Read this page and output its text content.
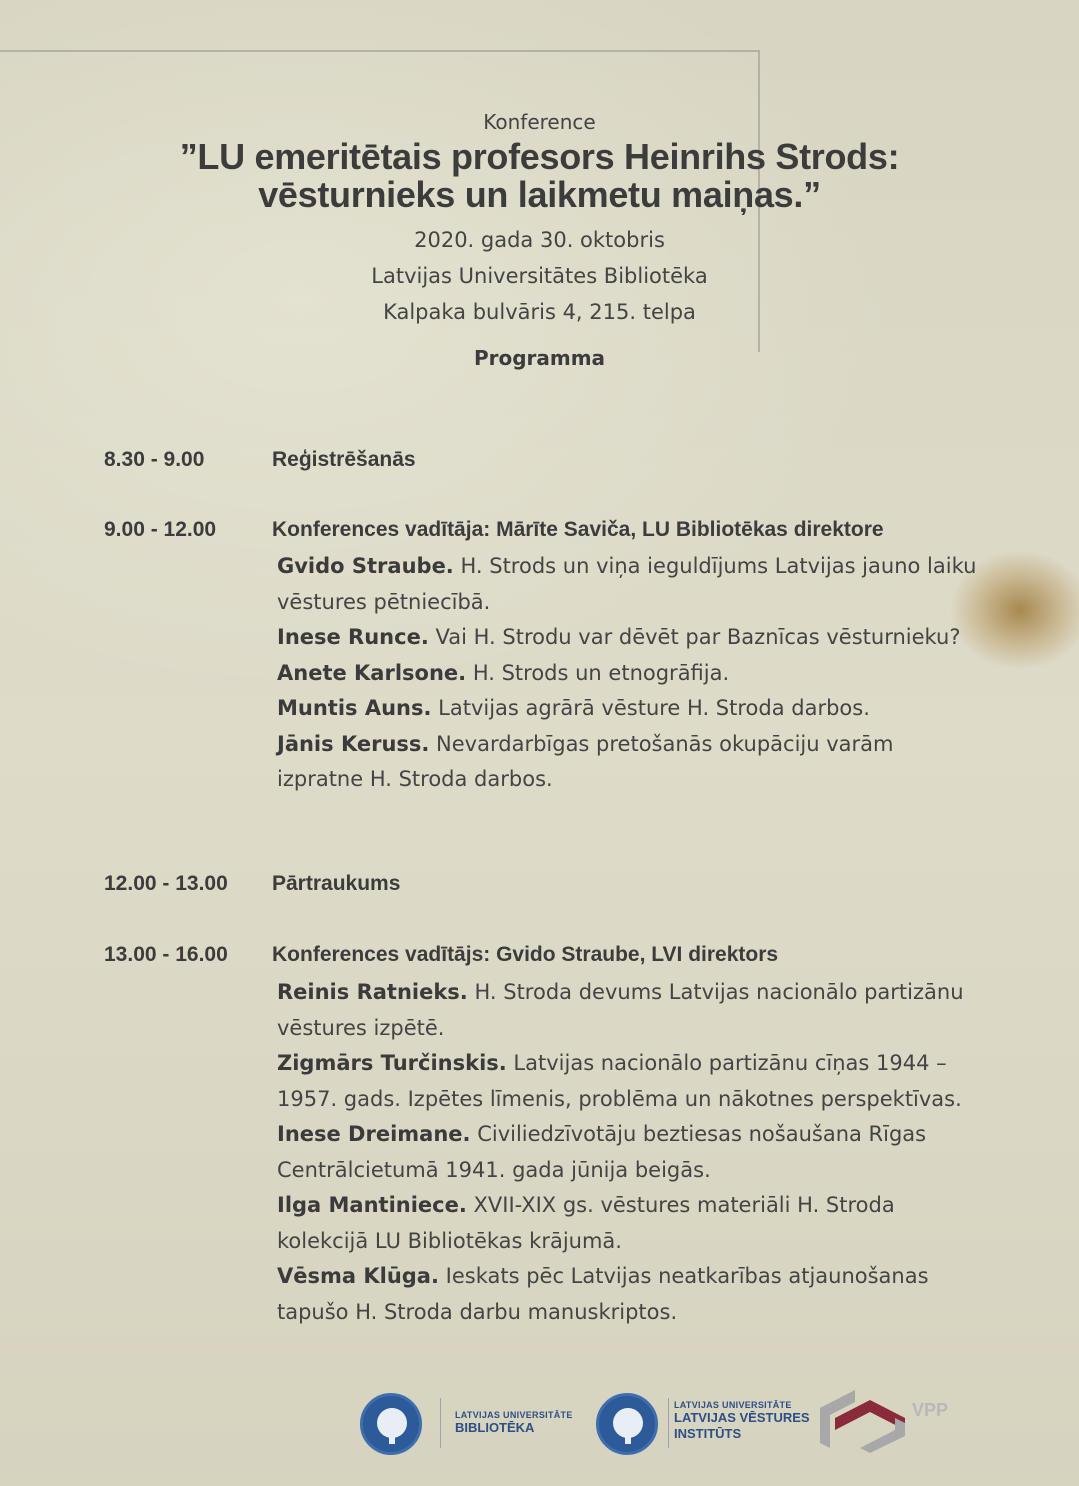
Konference

”LU emeritētais profesors Heinrihs Strods:
vēsturnieks un laikmetu maiņas.”
2020. gada 30. oktobris
Latvijas Universitātes Bibliotēka
Kalpaka bulvāris 4, 215. telpa
Programma
8.30 - 9.00	Reģistrēšanās
9.00 - 12.00	Konferences vadītāja: Mārīte Saviča, LU Bibliotēkas direktore
Gvido Straube. H. Strods un viņa ieguldījums Latvijas jauno laiku vēstures pētniecībā.
Inese Runce. Vai H. Strodu var dēvēt par Baznīcas vēsturnieku?
Anete Karlsone. H. Strods un etnogrāfija.
Muntis Auns. Latvijas agrārā vēsture H. Stroda darbos.
Jānis Keruss. Nevardarbīgas pretošanās okupāciju varām izpratne H. Stroda darbos.
12.00 - 13.00 Pārtraukums
13.00 - 16.00 Konferences vadītājs: Gvido Straube, LVI direktors
Reinis Ratnieks. H. Stroda devums Latvijas nacionālo partizānu vēstures izpētē.
Zigmārs Turčinskis. Latvijas nacionālo partizānu cīņas 1944 – 1957. gads. Izpētes līmenis, problēma un nākotnes perspektīvas.
Inese Dreimane. Civiliedzīvotāju beztiesas nošaušana Rīgas Centrālcietumā 1941. gada jūnija beigās.
Ilga Mantiniece. XVII-XIX gs. vēstures materiāli H. Stroda kolekcijā LU Bibliotēkas krājumā.
Vēsma Klūga. Ieskats pēc Latvijas neatkarības atjaunošanas tapušo H. Stroda darbu manuskriptos.
LATVIJAS UNIVERSITĀTE
BIBLIOTĒKA
LATVIJAS UNIVERSITĀTE
LATVIJAS VĒSTURES
INSTITŪTS
VPP
